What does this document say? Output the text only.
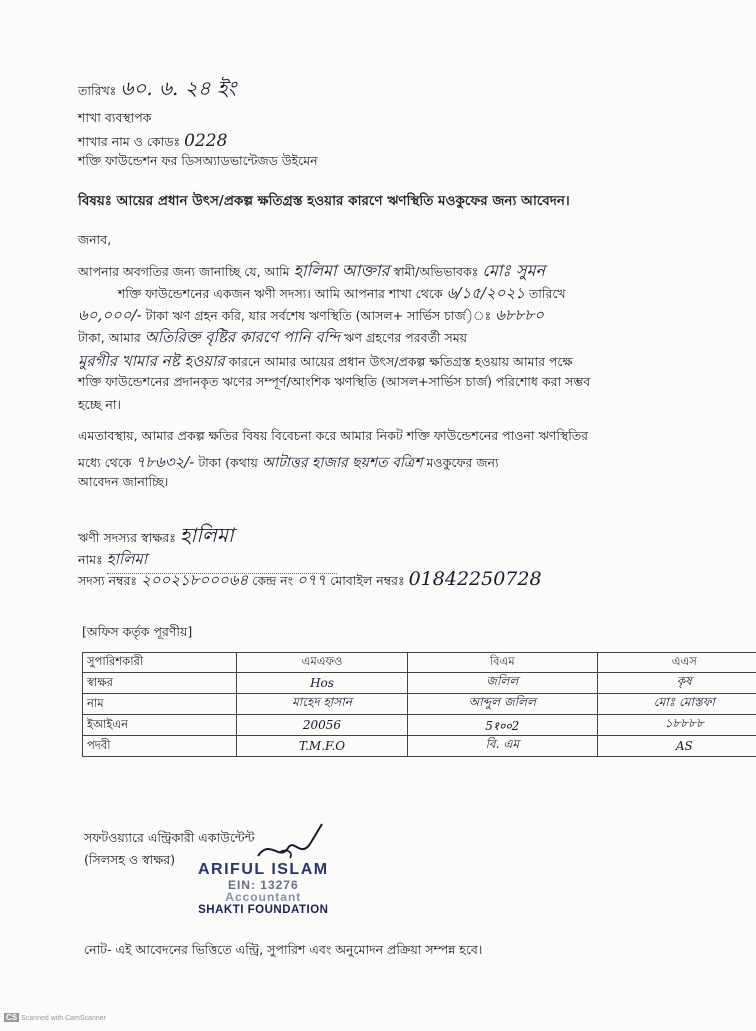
তারিখঃ ৬০. ৬. ২৪ ইং
শাখা ব্যবস্থাপক
শাখার নাম ও কোডঃ 0228
শক্তি ফাউন্ডেশন ফর ডিসঅ্যাডভান্টেজড উইমেন
বিষয়ঃ আয়ের প্রধান উৎস/প্রকল্প ক্ষতিগ্রস্ত হওয়ার কারণে ঋণস্থিতি মওকুফের জন্য আবেদন।
জনাব,
আপনার অবগতির জন্য জানাচ্ছি যে, আমি হালিমা আক্তার স্বামী/অভিভাবকঃ মোঃ সুমন
শক্তি ফাউন্ডেশনের একজন ঋণী সদস্য। আমি আপনার শাখা থেকে ৬/১৫/২০২১ তারিখে
৬০,০০০/- টাকা ঋণ গ্রহন করি, যার সর্বশেষ ঋণস্থিতি (আসল+ সার্ভিস চার্জ)ঃ ৬৮৮৮০
টাকা, আমার অতিরিক্ত বৃষ্টির কারণে পানি বন্দি ঋণ গ্রহণের পরবর্তী সময়
মুরগীর খামার নষ্ট হওয়ার কারনে আমার আয়ের প্রধান উৎস/প্রকল্প ক্ষতিগ্রস্ত হওয়ায় আমার পক্ষে
শক্তি ফাউন্ডেশনের প্রদানকৃত ঋণের সম্পূর্ণ/আংশিক ঋণস্থিতি (আসল+সার্ভিস চার্জ) পরিশোধ করা সম্ভব
হচ্ছে না।
এমতাবস্থায়, আমার প্রকল্প ক্ষতির বিষয় বিবেচনা করে আমার নিকট শক্তি ফাউন্ডেশনের পাওনা ঋণস্থিতির
মধ্যে থেকে ৭৮৬৩২/- টাকা (কথায় আটাত্তর হাজার ছয়শত বত্রিশ মওকুফের জন্য
আবেদন জানাচ্ছি।
ঋণী সদস্যর স্বাক্ষরঃ হালিমা
নামঃ হালিমা
সদস্য নম্বরঃ ২০০২১৮০০০৬৪ কেন্দ্র নং ০৭৭ মোবাইল নম্বরঃ 01842250728
[অফিস কর্তৃক পূরণীয়]
সুপারিশকারী	এমএফও	বিএম	এএস
স্বাক্ষর	Hos	জলিল	কৃষ
নাম	মাহেদ হাসান	আব্দুল জলিল	মোঃ মোস্তফা
ইআইএন	20056	5१००2	১৮৮৮৮
পদবী	T.M.F.O	বি. এম	AS
সফটওয়্যারে এন্ট্রিকারী একাউন্টেন্ট
(সিলসহ ও স্বাক্ষর)
ARIFUL ISLAM
EIN: 13276
Accountant
SHAKTI FOUNDATION
নোট- এই আবেদনের ভিত্তিতে এন্ট্রি, সুপারিশ এবং অনুমোদন প্রক্রিয়া সম্পন্ন হবে।
CS Scanned with CamScanner
